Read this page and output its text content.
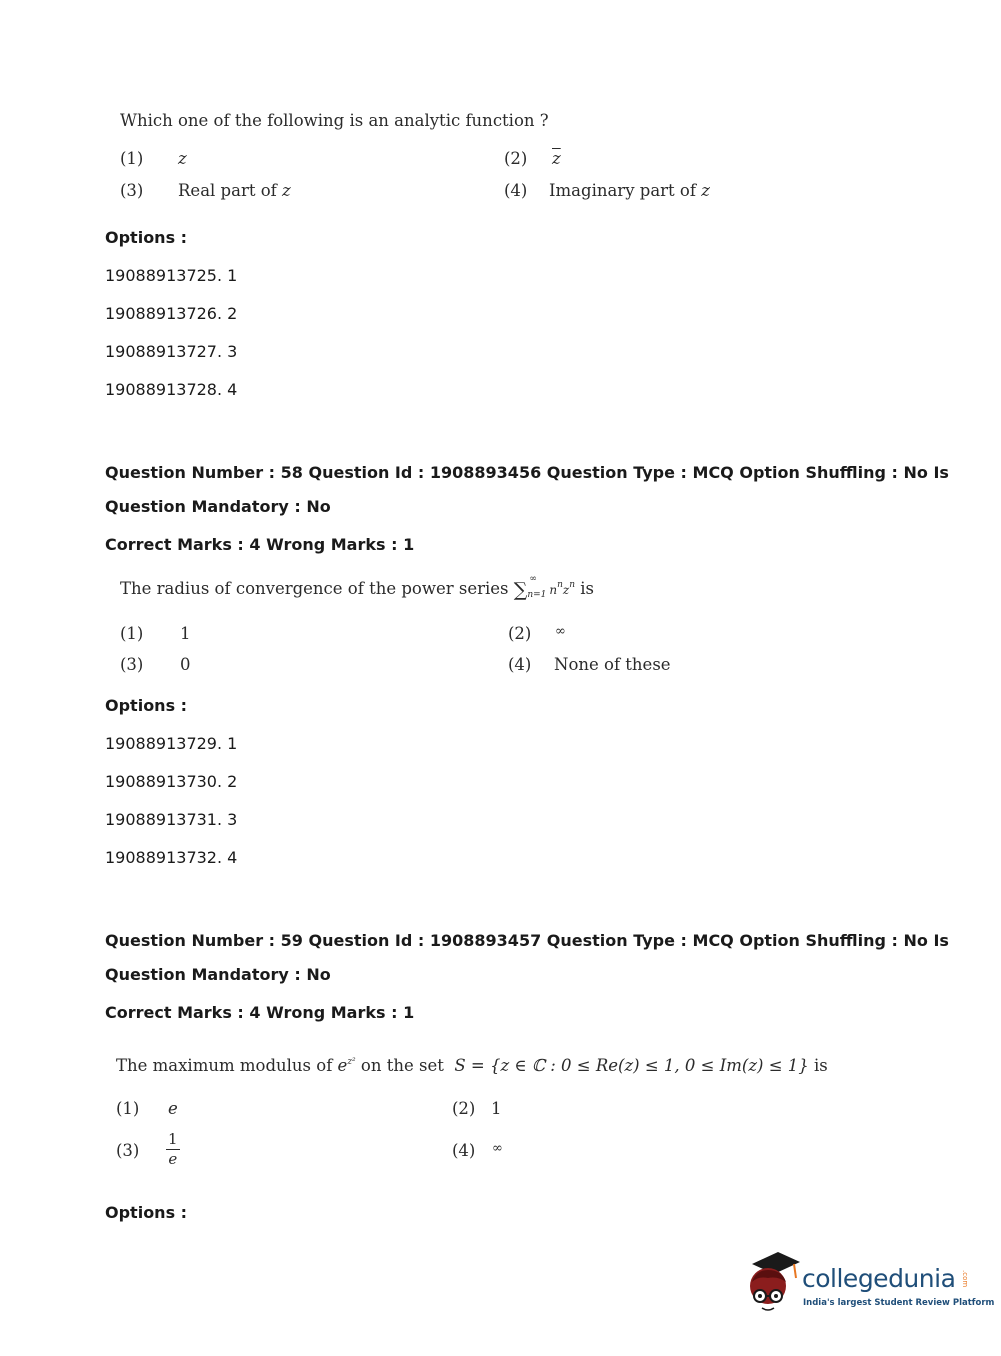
Which one of the following is an analytic function ?
(1) z	(2) $\overline{z}$
(3) Real part of z	(4) Imaginary part of z
Options :
19088913725. 1
19088913726. 2
19088913727. 3
19088913728. 4
Question Number : 58 Question Id : 1908893456 Question Type : MCQ Option Shuffling : No Is
Question Mandatory : No
Correct Marks : 4 Wrong Marks : 1
The radius of convergence of the power series ∑
∞
n=1 $n^nz^n$ is
(1) 1	(2) ∞
(3) 0	(4) None of these
Options :
19088913729. 1
19088913730. 2
19088913731. 3
19088913732. 4
Question Number : 59 Question Id : 1908893457 Question Type : MCQ Option Shuffling : No Is
Question Mandatory : No
Correct Marks : 4 Wrong Marks : 1
The maximum modulus of $e^{z^2}$ on the set S = {z ∈ ℂ : 0 ≤ Re(z) ≤ 1, 0 ≤ Im(z) ≤ 1} is
(1) e	(2) 1
$(3) \frac{1}{e}$	(4) ∞
Options :
collegedunia .com
India's largest Student Review Platform
